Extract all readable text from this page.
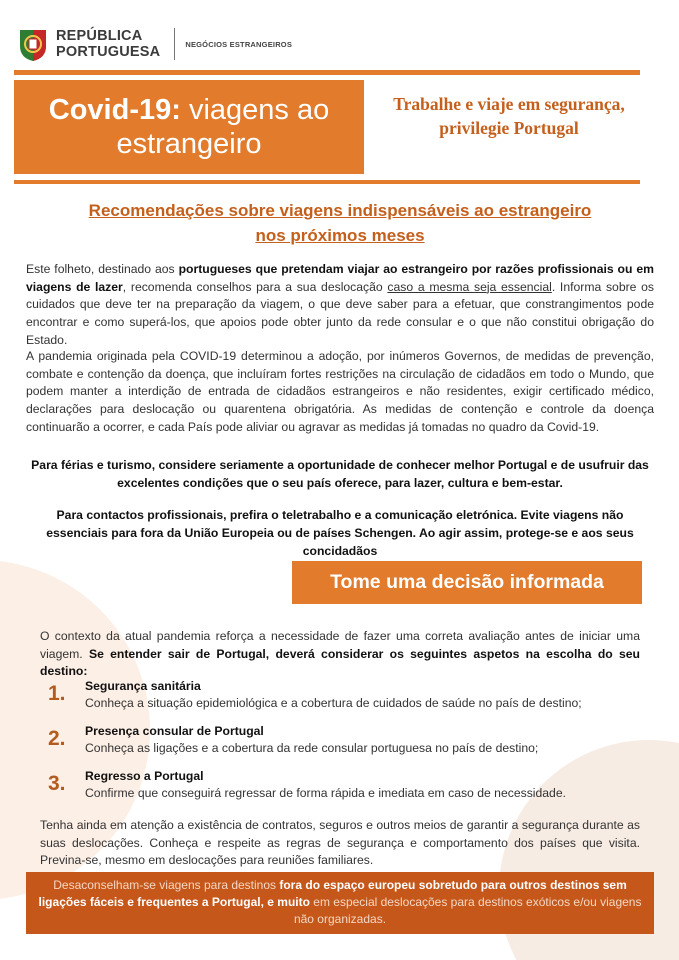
REPÚBLICA
PORTUGUESA	NEGÓCIOS ESTRANGEIROS
Covid-19: viagens ao estrangeiro
Trabalhe e viaje em segurança, privilegie Portugal
Recomendações sobre viagens indispensáveis ao estrangeiro
nos próximos meses

Este folheto, destinado aos portugueses que pretendam viajar ao estrangeiro por razões profissionais ou em viagens de lazer, recomenda conselhos para a sua deslocação caso a mesma seja essencial. Informa sobre os cuidados que deve ter na preparação da viagem, o que deve saber para a efetuar, que constrangimentos pode encontrar e como superá-los, que apoios pode obter junto da rede consular e o que não constitui obrigação do Estado.

A pandemia originada pela COVID-19 determinou a adoção, por inúmeros Governos, de medidas de prevenção, combate e contenção da doença, que incluíram fortes restrições na circulação de cidadãos em todo o Mundo, que podem manter a interdição de entrada de cidadãos estrangeiros e não residentes, exigir certificado médico, declarações para deslocação ou quarentena obrigatória. As medidas de contenção e controle da doença continuarão a ocorrer, e cada País pode aliviar ou agravar as medidas já tomadas no quadro da Covid-19.

Para férias e turismo, considere seriamente a oportunidade de conhecer melhor Portugal e de usufruir das excelentes condições que o seu país oferece, para lazer, cultura e bem-estar.

Para contactos profissionais, prefira o teletrabalho e a comunicação eletrónica. Evite viagens não essenciais para fora da União Europeia ou de países Schengen. Ao agir assim, protege-se e aos seus concidadãos

Tome uma decisão informada

O contexto da atual pandemia reforça a necessidade de fazer uma correta avaliação antes de iniciar uma viagem. Se entender sair de Portugal, deverá considerar os seguintes aspetos na escolha do seu destino:

1. Segurança sanitária
Conheça a situação epidemiológica e a cobertura de cuidados de saúde no país de destino;
2. Presença consular de Portugal
Conheça as ligações e a cobertura da rede consular portuguesa no país de destino;
3. Regresso a Portugal
Confirme que conseguirá regressar de forma rápida e imediata em caso de necessidade.

Tenha ainda em atenção a existência de contratos, seguros e outros meios de garantir a segurança durante as suas deslocações. Conheça e respeite as regras de segurança e comportamento dos países que visita. Previna-se, mesmo em deslocações para reuniões familiares.

Desaconselham-se viagens para destinos fora do espaço europeu sobretudo para outros destinos sem ligações fáceis e frequentes a Portugal, e muito em especial deslocações para destinos exóticos e/ou viagens não organizadas.
